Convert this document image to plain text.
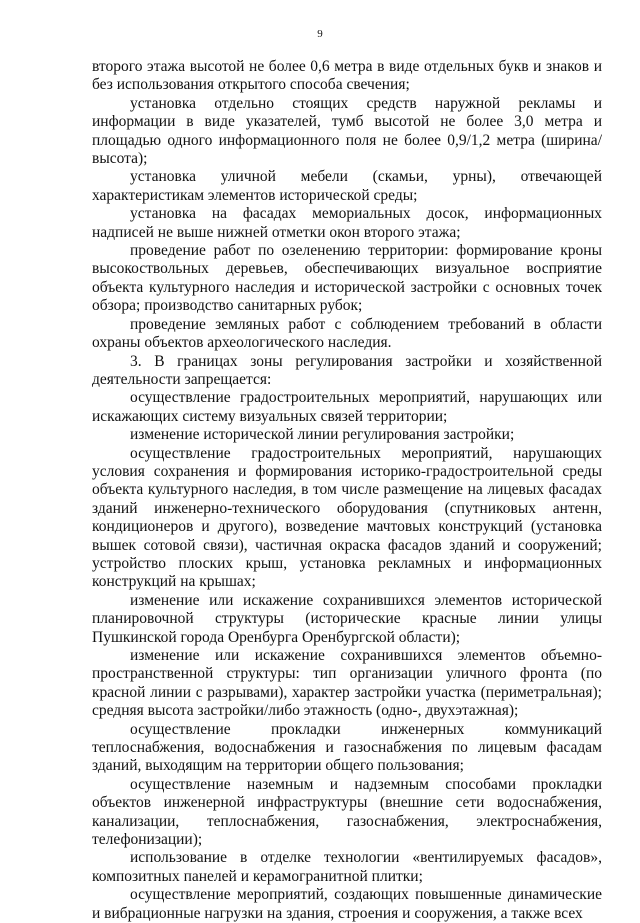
9

второго этажа высотой не более 0,6 метра в виде отдельных букв и знаков и без использования открытого способа свечения;

установка отдельно стоящих средств наружной рекламы и информации в виде указателей, тумб высотой не более 3,0 метра и площадью одного информационного поля не более 0,9/1,2 метра (ширина/высота);

установка уличной мебели (скамьи, урны), отвечающей характеристикам элементов исторической среды;

установка на фасадах мемориальных досок, информационных надписей не выше нижней отметки окон второго этажа;

проведение работ по озеленению территории: формирование кроны высокоствольных деревьев, обеспечивающих визуальное восприятие объекта культурного наследия и исторической застройки с основных точек обзора; производство санитарных рубок;

проведение земляных работ с соблюдением требований в области охраны объектов археологического наследия.

3. В границах зоны регулирования застройки и хозяйственной деятельности запрещается:

осуществление градостроительных мероприятий, нарушающих или искажающих систему визуальных связей территории;

изменение исторической линии регулирования застройки;

осуществление градостроительных мероприятий, нарушающих условия сохранения и формирования историко-градостроительной среды объекта культурного наследия, в том числе размещение на лицевых фасадах зданий инженерно-технического оборудования (спутниковых антенн, кондиционеров и другого), возведение мачтовых конструкций (установка вышек сотовой связи), частичная окраска фасадов зданий и сооружений; устройство плоских крыш, установка рекламных и информационных конструкций на крышах;

изменение или искажение сохранившихся элементов исторической планировочной структуры (исторические красные линии улицы Пушкинской города Оренбурга Оренбургской области);

изменение или искажение сохранившихся элементов объемно-пространственной структуры: тип организации уличного фронта (по красной линии с разрывами), характер застройки участка (периметральная); средняя высота застройки/либо этажность (одно-, двухэтажная);

осуществление прокладки инженерных коммуникаций теплоснабжения, водоснабжения и газоснабжения по лицевым фасадам зданий, выходящим на территории общего пользования;

осуществление наземным и надземным способами прокладки объектов инженерной инфраструктуры (внешние сети водоснабжения, канализации, теплоснабжения, газоснабжения, электроснабжения, телефонизации);

использование в отделке технологии «вентилируемых фасадов», композитных панелей и керамогранитной плитки;

осуществление мероприятий, создающих повышенные динамические и вибрационные нагрузки на здания, строения и сооружения, а также всех
